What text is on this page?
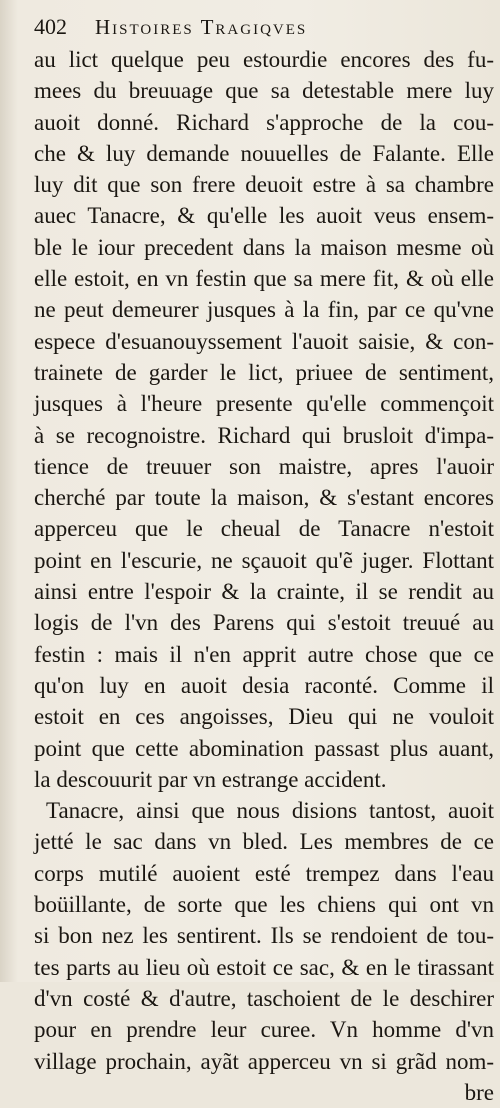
402 Histoires Tragiqves
au lict quelque peu estourdie encores des fu-
mees du breuuage que sa detestable mere luy
auoit donné. Richard s'approche de la cou-
che & luy demande nouuelles de Falante. Elle
luy dit que son frere deuoit estre à sa chambre
auec Tanacre, & qu'elle les auoit veus ensem-
ble le iour precedent dans la maison mesme où
elle estoit, en vn festin que sa mere fit, & où elle
ne peut demeurer jusques à la fin, par ce qu'vne
espece d'esuanouyssement l'auoit saisie, & con-
trainete de garder le lict, priuee de sentiment,
jusques à l'heure presente qu'elle commençoit
à se recognoistre. Richard qui brusloit d'impa-
tience de treuuer son maistre, apres l'auoir
cherché par toute la maison, & s'estant encores
apperceu que le cheual de Tanacre n'estoit
point en l'escurie, ne sçauoit qu'ẽ juger. Flottant
ainsi entre l'espoir & la crainte, il se rendit au
logis de l'vn des Parens qui s'estoit treuué au
festin : mais il n'en apprit autre chose que ce
qu'on luy en auoit desia raconté. Comme il
estoit en ces angoisses, Dieu qui ne vouloit
point que cette abomination passast plus auant,
la descouurit par vn estrange accident.
Tanacre, ainsi que nous disions tantost, auoit
jetté le sac dans vn bled. Les membres de ce
corps mutilé auoient esté trempez dans l'eau
boüillante, de sorte que les chiens qui ont vn
si bon nez les sentirent. Ils se rendoient de tou-
tes parts au lieu où estoit ce sac, & en le tirassant
d'vn costé & d'autre, taschoient de le deschirer
pour en prendre leur curee. Vn homme d'vn
village prochain, ayãt apperceu vn si grãd nom-
bre
